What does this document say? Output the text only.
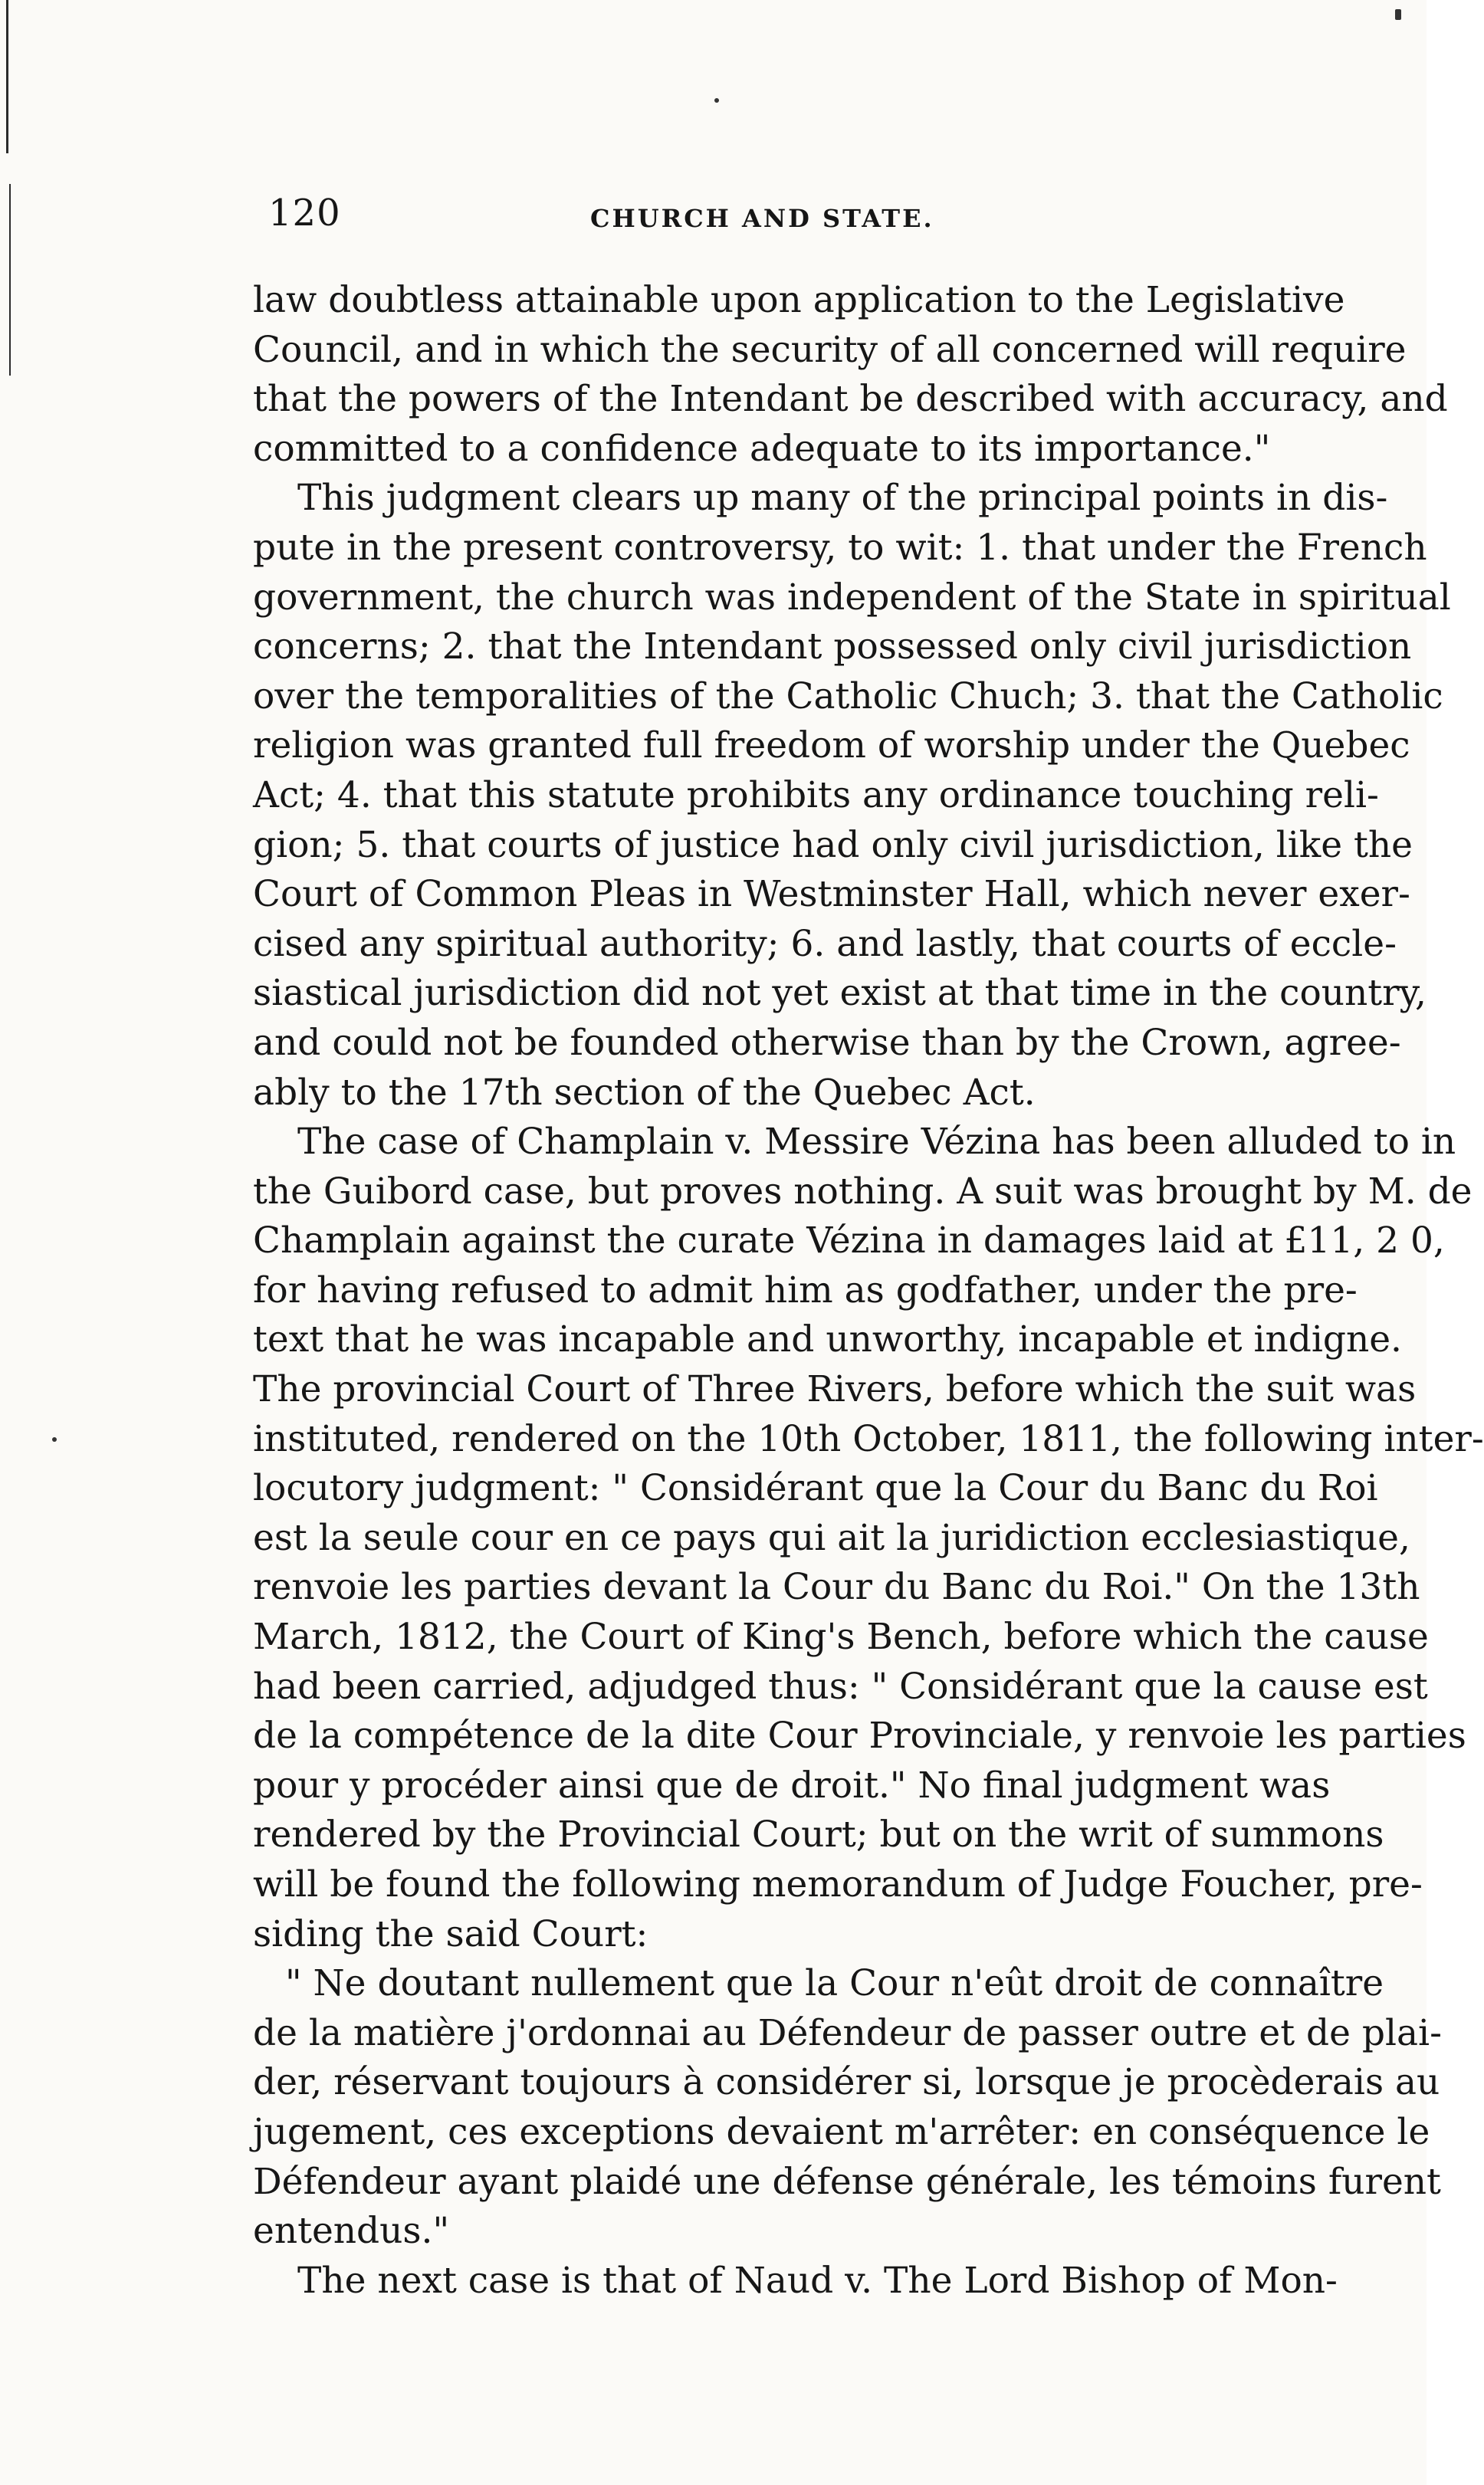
120	CHURCH AND STATE.
law doubtless attainable upon application to the Legislative
Council, and in which the security of all concerned will require
that the powers of the Intendant be described with accuracy, and
committed to a confidence adequate to its importance."
This judgment clears up many of the principal points in dis-
pute in the present controversy, to wit: 1. that under the French
government, the church was independent of the State in spiritual
concerns; 2. that the Intendant possessed only civil jurisdiction
over the temporalities of the Catholic Chuch; 3. that the Catholic
religion was granted full freedom of worship under the Quebec
Act; 4. that this statute prohibits any ordinance touching reli-
gion; 5. that courts of justice had only civil jurisdiction, like the
Court of Common Pleas in Westminster Hall, which never exer-
cised any spiritual authority; 6. and lastly, that courts of eccle-
siastical jurisdiction did not yet exist at that time in the country,
and could not be founded otherwise than by the Crown, agree-
ably to the 17th section of the Quebec Act.
The case of Champlain v. Messire Vézina has been alluded to in
the Guibord case, but proves nothing. A suit was brought by M. de
Champlain against the curate Vézina in damages laid at £11, 2 0,
for having refused to admit him as godfather, under the pre-
text that he was incapable and unworthy, incapable et indigne.
The provincial Court of Three Rivers, before which the suit was
instituted, rendered on the 10th October, 1811, the following inter-
locutory judgment: " Considérant que la Cour du Banc du Roi
est la seule cour en ce pays qui ait la juridiction ecclesiastique,
renvoie les parties devant la Cour du Banc du Roi." On the 13th
March, 1812, the Court of King's Bench, before which the cause
had been carried, adjudged thus: " Considérant que la cause est
de la compétence de la dite Cour Provinciale, y renvoie les parties
pour y procéder ainsi que de droit." No final judgment was
rendered by the Provincial Court; but on the writ of summons
will be found the following memorandum of Judge Foucher, pre-
siding the said Court:
" Ne doutant nullement que la Cour n'eût droit de connaître
de la matière j'ordonnai au Défendeur de passer outre et de plai-
der, réservant toujours à considérer si, lorsque je procèderais au
jugement, ces exceptions devaient m'arrêter: en conséquence le
Défendeur ayant plaidé une défense générale, les témoins furent
entendus."
The next case is that of Naud v. The Lord Bishop of Mon-
